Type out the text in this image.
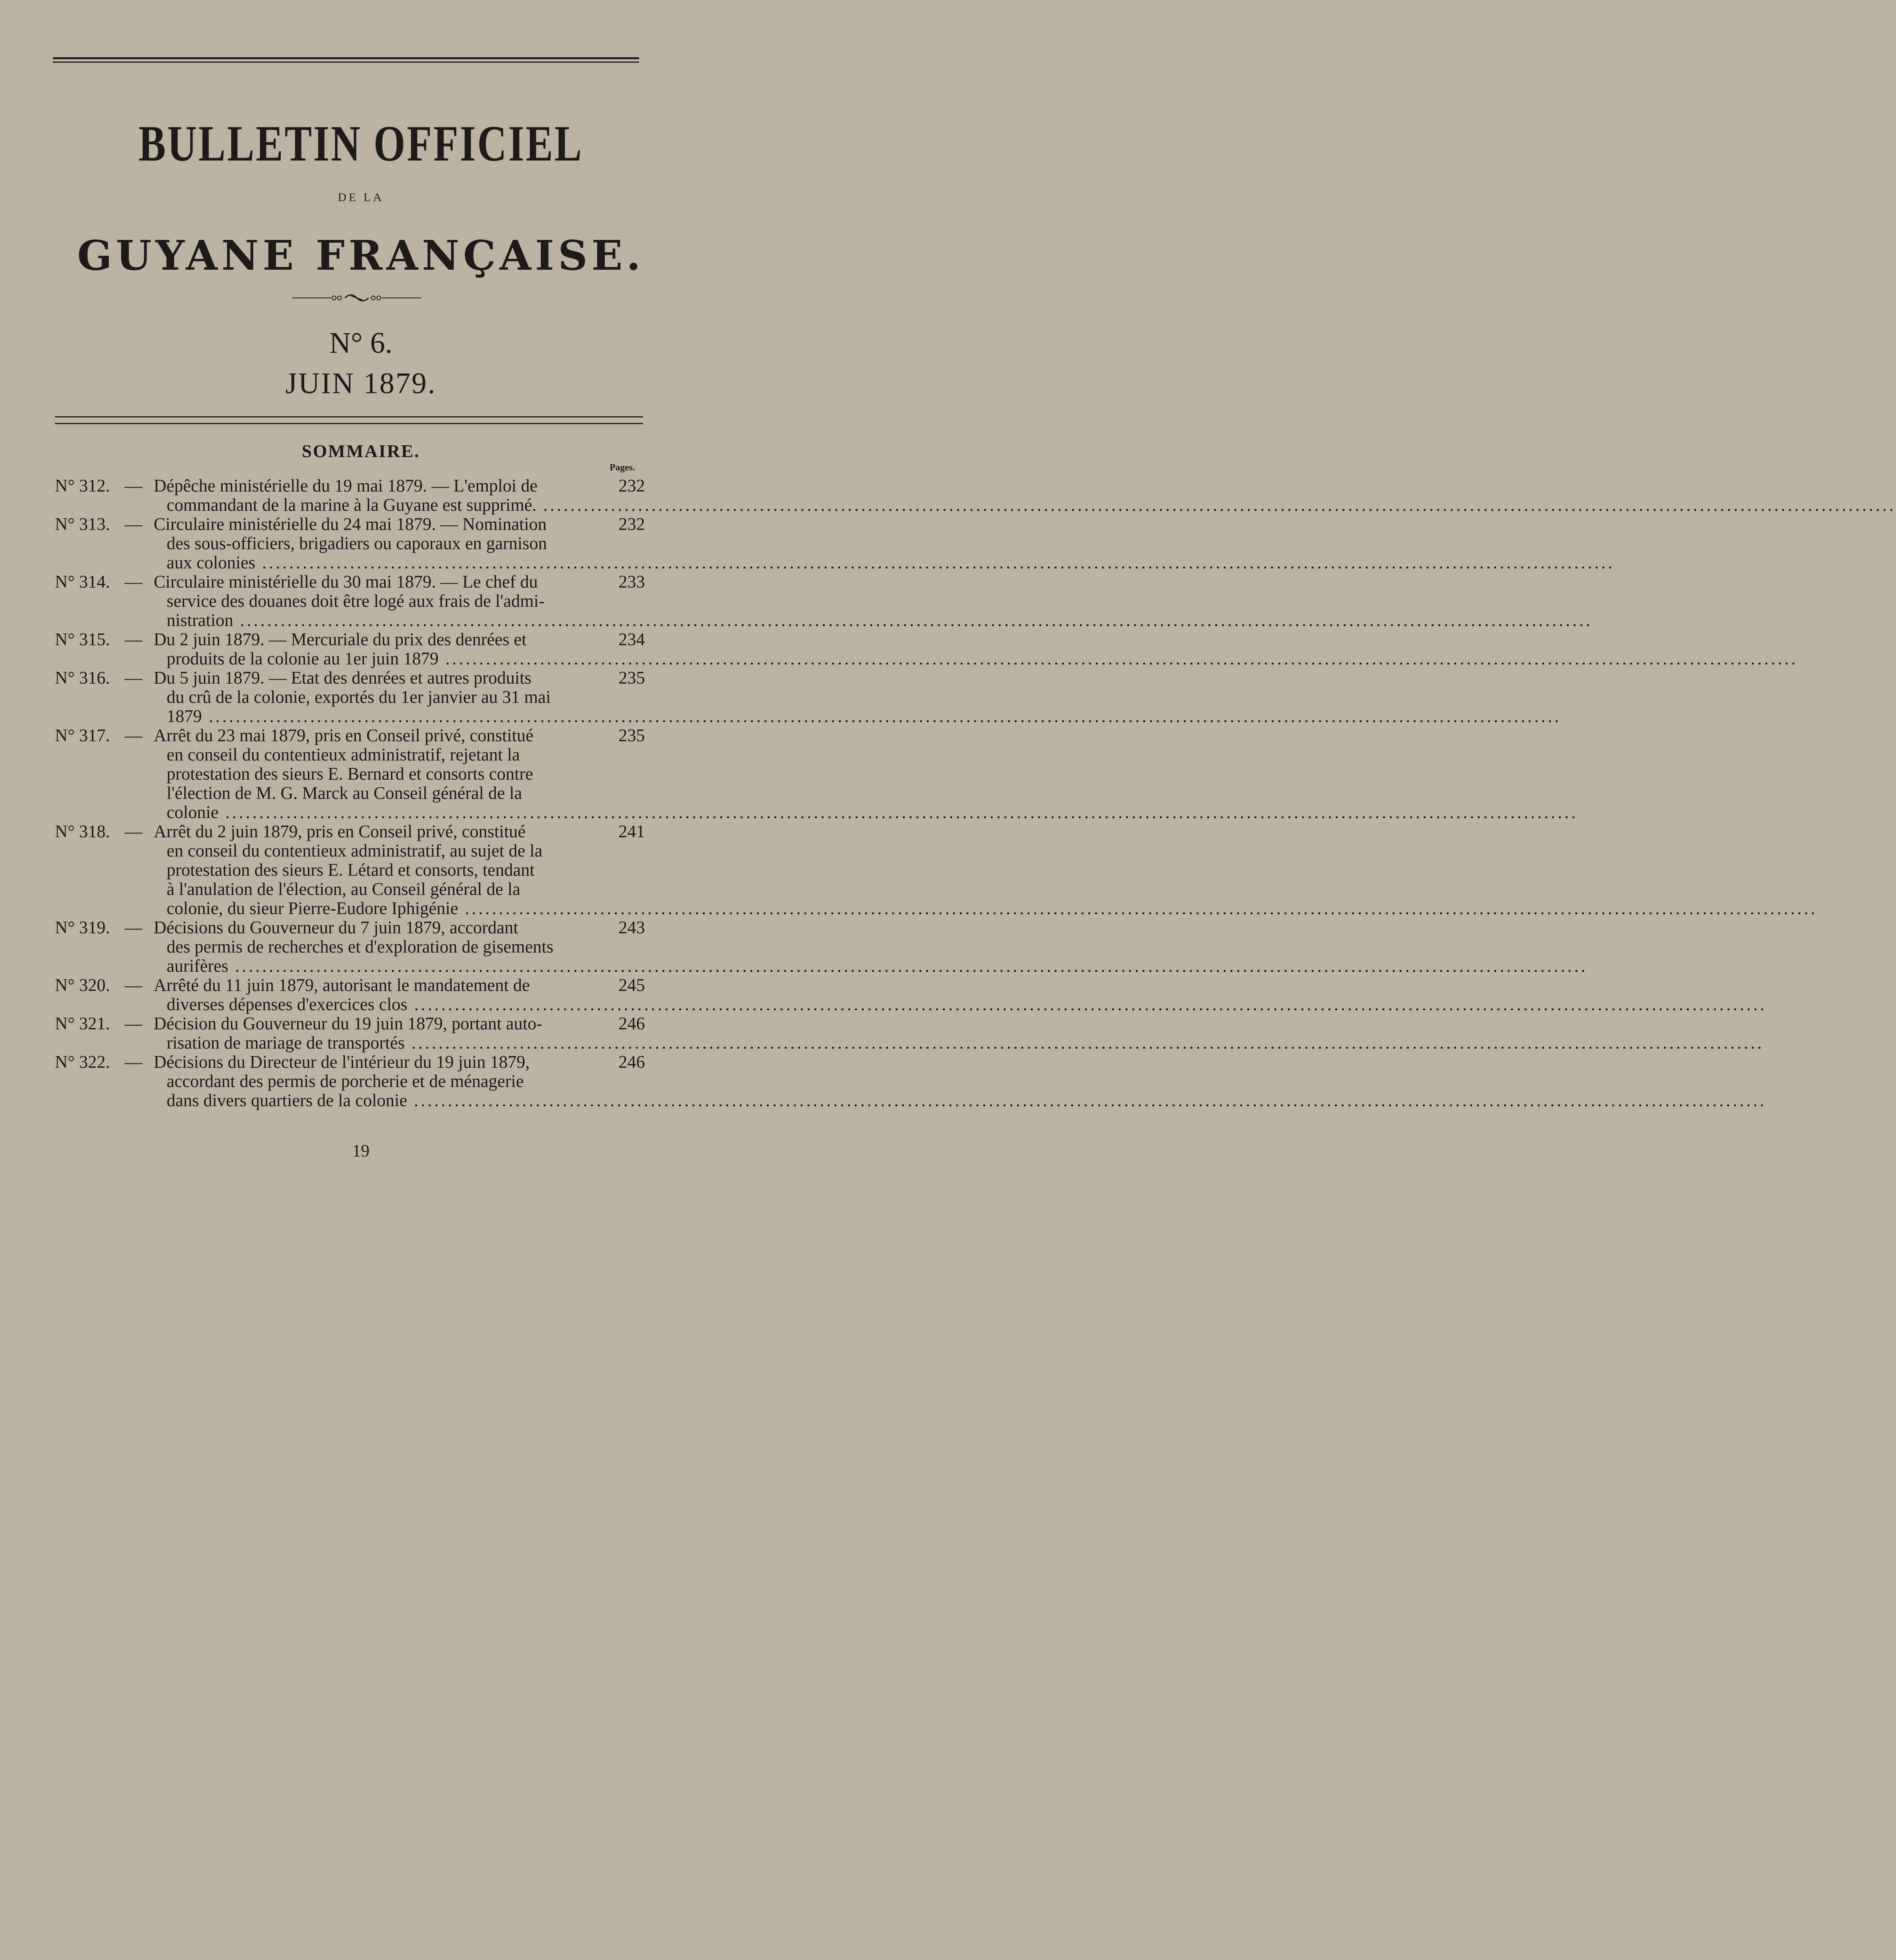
BULLETIN OFFICIEL
DE LA
GUYANE FRANÇAISE.
N° 6.
JUIN 1879.
SOMMAIRE.
Pages.
N° 312. — Dépêche ministérielle du 19 mai 1879. — L'emploi de
commandant de la marine à la Guyane est supprimé. ........................................................................................................................................................................................................
232
N° 313. — Circulaire ministérielle du 24 mai 1879. — Nomination
des sous-officiers, brigadiers ou caporaux en garnison
aux colonies ........................................................................................................................................................................................................
232
N° 314. — Circulaire ministérielle du 30 mai 1879. — Le chef du
service des douanes doit être logé aux frais de l'admi-
nistration ........................................................................................................................................................................................................
233
N° 315. — Du 2 juin 1879. — Mercuriale du prix des denrées et
produits de la colonie au 1er juin 1879 ........................................................................................................................................................................................................
234
N° 316. — Du 5 juin 1879. — Etat des denrées et autres produits
du crû de la colonie, exportés du 1er janvier au 31 mai
1879 ........................................................................................................................................................................................................
235
N° 317. — Arrêt du 23 mai 1879, pris en Conseil privé, constitué
en conseil du contentieux administratif, rejetant la
protestation des sieurs E. Bernard et consorts contre
l'élection de M. G. Marck au Conseil général de la
colonie ........................................................................................................................................................................................................
235
N° 318. — Arrêt du 2 juin 1879, pris en Conseil privé, constitué
en conseil du contentieux administratif, au sujet de la
protestation des sieurs E. Létard et consorts, tendant
à l'anulation de l'élection, au Conseil général de la
colonie, du sieur Pierre-Eudore Iphigénie ........................................................................................................................................................................................................
241
N° 319. — Décisions du Gouverneur du 7 juin 1879, accordant
des permis de recherches et d'exploration de gisements
aurifères ........................................................................................................................................................................................................
243
N° 320. — Arrêté du 11 juin 1879, autorisant le mandatement de
diverses dépenses d'exercices clos ........................................................................................................................................................................................................
245
N° 321. — Décision du Gouverneur du 19 juin 1879, portant auto-
risation de mariage de transportés ........................................................................................................................................................................................................
246
N° 322. — Décisions du Directeur de l'intérieur du 19 juin 1879,
accordant des permis de porcherie et de ménagerie
dans divers quartiers de la colonie ........................................................................................................................................................................................................
246
19
